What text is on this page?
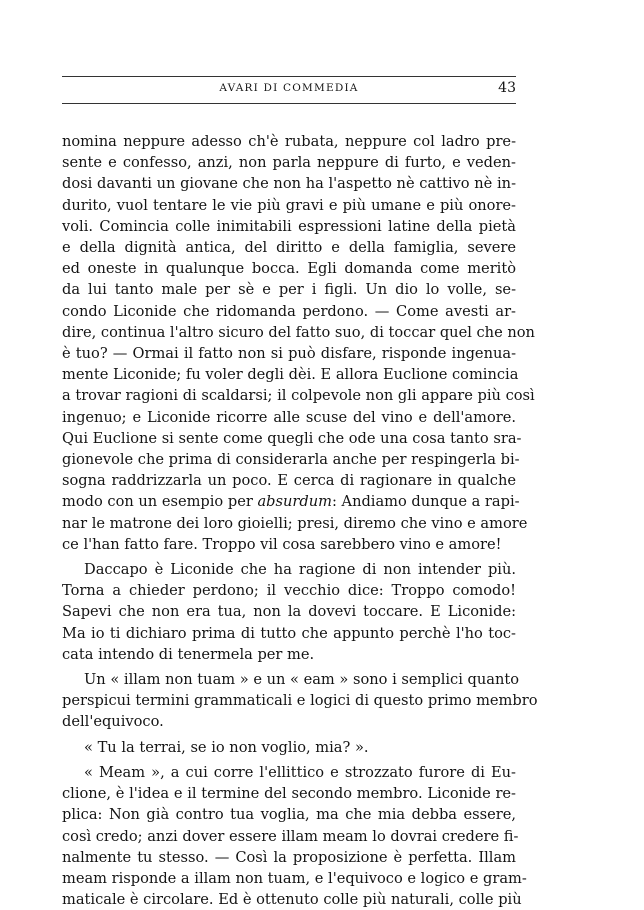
AVARI DI COMMEDIA	43
nomina neppure adesso ch'è rubata, neppure col ladro pre-
sente e confesso, anzi, non parla neppure di furto, e veden-
dosi davanti un giovane che non ha l'aspetto nè cattivo nè in-
durito, vuol tentare le vie più gravi e più umane e più onore-
voli. Comincia colle inimitabili espressioni latine della pietà
e della dignità antica, del diritto e della famiglia, severe
ed oneste in qualunque bocca. Egli domanda come meritò
da lui tanto male per sè e per i figli. Un dio lo volle, se-
condo Liconide che ridomanda perdono. — Come avesti ar-
dire, continua l'altro sicuro del fatto suo, di toccar quel che non
è tuo? — Ormai il fatto non si può disfare, risponde ingenua-
mente Liconide; fu voler degli dèi. E allora Euclione comincia
a trovar ragioni di scaldarsi; il colpevole non gli appare più così
ingenuo; e Liconide ricorre alle scuse del vino e dell'amore.
Qui Euclione si sente come quegli che ode una cosa tanto sra-
gionevole che prima di considerarla anche per respingerla bi-
sogna raddrizzarla un poco. E cerca di ragionare in qualche
modo con un esempio per absurdum: Andiamo dunque a rapi-
nar le matrone dei loro gioielli; presi, diremo che vino e amore
ce l'han fatto fare. Troppo vil cosa sarebbero vino e amore!
Daccapo è Liconide che ha ragione di non intender più.
Torna a chieder perdono; il vecchio dice: Troppo comodo!
Sapevi che non era tua, non la dovevi toccare. E Liconide:
Ma io ti dichiaro prima di tutto che appunto perchè l'ho toc-
cata intendo di tenermela per me.
Un « illam non tuam » e un « eam » sono i semplici quanto
perspicui termini grammaticali e logici di questo primo membro
dell'equivoco.
« Tu la terrai, se io non voglio, mia? ».
« Meam », a cui corre l'ellittico e strozzato furore di Eu-
clione, è l'idea e il termine del secondo membro. Liconide re-
plica: Non già contro tua voglia, ma che mia debba essere,
così credo; anzi dover essere illam meam lo dovrai credere fi-
nalmente tu stesso. — Così la proposizione è perfetta. Illam
meam risponde a illam non tuam, e l'equivoco e logico e gram-
maticale è circolare. Ed è ottenuto colle più naturali, colle più
